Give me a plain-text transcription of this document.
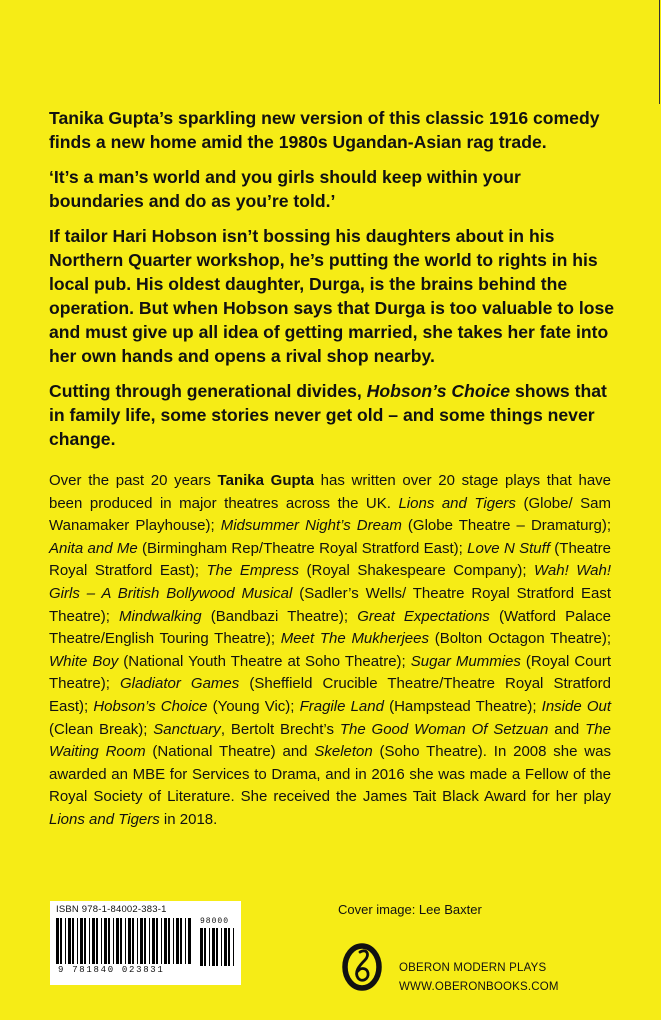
Tanika Gupta’s sparkling new version of this classic 1916 comedy finds a new home amid the 1980s Ugandan-Asian rag trade.

‘It’s a man’s world and you girls should keep within your boundaries and do as you’re told.’

If tailor Hari Hobson isn’t bossing his daughters about in his Northern Quarter workshop, he’s putting the world to rights in his local pub. His oldest daughter, Durga, is the brains behind the operation. But when Hobson says that Durga is too valuable to lose and must give up all idea of getting married, she takes her fate into her own hands and opens a rival shop nearby.

Cutting through generational divides, Hobson’s Choice shows that in family life, some stories never get old – and some things never change.

Over the past 20 years Tanika Gupta has written over 20 stage plays that have been produced in major theatres across the UK. Lions and Tigers (Globe/ Sam Wanamaker Playhouse); Midsummer Night’s Dream (Globe Theatre – Dramaturg); Anita and Me (Birmingham Rep/Theatre Royal Stratford East); Love N Stuff (Theatre Royal Stratford East); The Empress (Royal Shakespeare Company); Wah! Wah! Girls – A British Bollywood Musical (Sadler’s Wells/ Theatre Royal Stratford East Theatre); Mindwalking (Bandbazi Theatre); Great Expectations (Watford Palace Theatre/English Touring Theatre); Meet The Mukherjees (Bolton Octagon Theatre); White Boy (National Youth Theatre at Soho Theatre); Sugar Mummies (Royal Court Theatre); Gladiator Games (Sheffield Crucible Theatre/Theatre Royal Stratford East); Hobson’s Choice (Young Vic); Fragile Land (Hampstead Theatre); Inside Out (Clean Break); Sanctuary, Bertolt Brecht’s The Good Woman Of Setzuan and The Waiting Room (National Theatre) and Skeleton (Soho Theatre). In 2008 she was awarded an MBE for Services to Drama, and in 2016 she was made a Fellow of the Royal Society of Literature. She received the James Tait Black Award for her play Lions and Tigers in 2018.
ISBN 978-1-84002-383-1
98000
9 781840 023831
Cover image: Lee Baxter
OBERON MODERN PLAYS
WWW.OBERONBOOKS.COM
